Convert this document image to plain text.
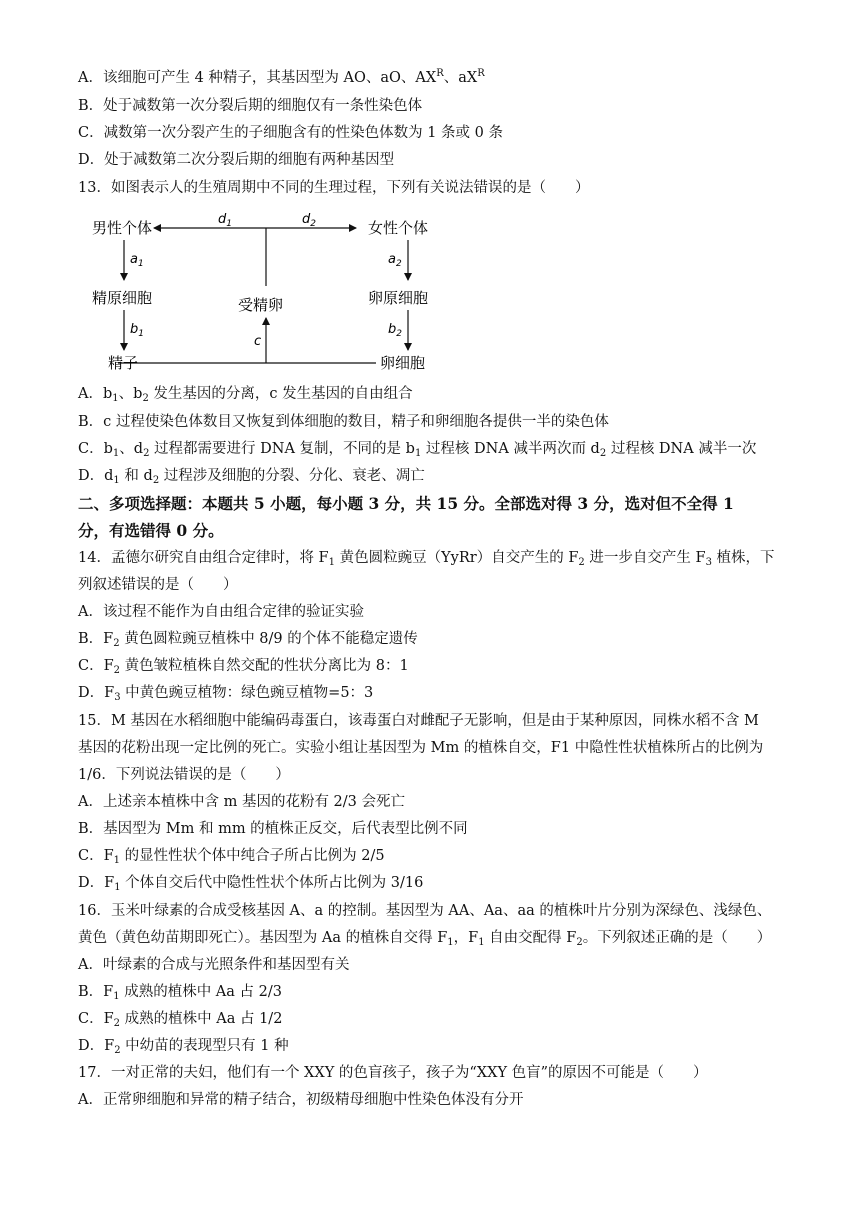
A．该细胞可产生 4 种精子，其基因型为 AO、aO、$AX^R$、$aX^R$
B．处于减数第一次分裂后期的细胞仅有一条性染色体
C．减数第一次分裂产生的子细胞含有的性染色体数为 1 条或 0 条
D．处于减数第二次分裂后期的细胞有两种基因型
13．如图表示人的生殖周期中不同的生理过程，下列有关说法错误的是（　　）
男性个体	女性个体
精原细胞	卵原细胞
受精卵
精子	卵细胞
$d_1$	$d_2$
$a_1$
$b_1$
$a_2$
$b_2$
c
A．$b_1$、$b_2$ 发生基因的分离，c 发生基因的自由组合
B．c 过程使染色体数目又恢复到体细胞的数目，精子和卵细胞各提供一半的染色体
C．$b_1$、$d_2$ 过程都需要进行 DNA 复制，不同的是 $b_1$ 过程核 DNA 减半两次而 $d_2$ 过程核 DNA 减半一次
D．$d_1$ 和 $d_2$ 过程涉及细胞的分裂、分化、衰老、凋亡
二、多项选择题：本题共 5 小题，每小题 3 分，共 15 分。全部选对得 3 分，选对但不全得 1
分，有选错得 0 分。
14．孟德尔研究自由组合定律时，将 $F_1$ 黄色圆粒豌豆（YyRr）自交产生的 $F_2$ 进一步自交产生 $F_3$ 植株，下
列叙述错误的是（　　）
A．该过程不能作为自由组合定律的验证实验
B．$F_2$ 黄色圆粒豌豆植株中 8/9 的个体不能稳定遗传
C．$F_2$ 黄色皱粒植株自然交配的性状分离比为 8：1
D．$F_3$ 中黄色豌豆植物：绿色豌豆植物=5：3
15．M 基因在水稻细胞中能编码毒蛋白，该毒蛋白对雌配子无影响，但是由于某种原因，同株水稻不含 M
基因的花粉出现一定比例的死亡。实验小组让基因型为 Mm 的植株自交，F1 中隐性性状植株所占的比例为
1/6．下列说法错误的是（　　）
A．上述亲本植株中含 m 基因的花粉有 2/3 会死亡
B．基因型为 Mm 和 mm 的植株正反交，后代表型比例不同
C．$F_1$ 的显性性状个体中纯合子所占比例为 2/5
D．$F_1$ 个体自交后代中隐性性状个体所占比例为 3/16
16．玉米叶绿素的合成受核基因 A、a 的控制。基因型为 AA、Aa、aa 的植株叶片分别为深绿色、浅绿色、
黄色（黄色幼苗期即死亡）。基因型为 Aa 的植株自交得 $F_1$，$F_1$ 自由交配得 $F_2$。下列叙述正确的是（　　）
A．叶绿素的合成与光照条件和基因型有关
B．$F_1$ 成熟的植株中 Aa 占 2/3
C．$F_2$ 成熟的植株中 Aa 占 1/2
D．$F_2$ 中幼苗的表现型只有 1 种
17．一对正常的夫妇，他们有一个 XXY 的色盲孩子，孩子为“XXY 色盲”的原因不可能是（　　）
A．正常卵细胞和异常的精子结合，初级精母细胞中性染色体没有分开
